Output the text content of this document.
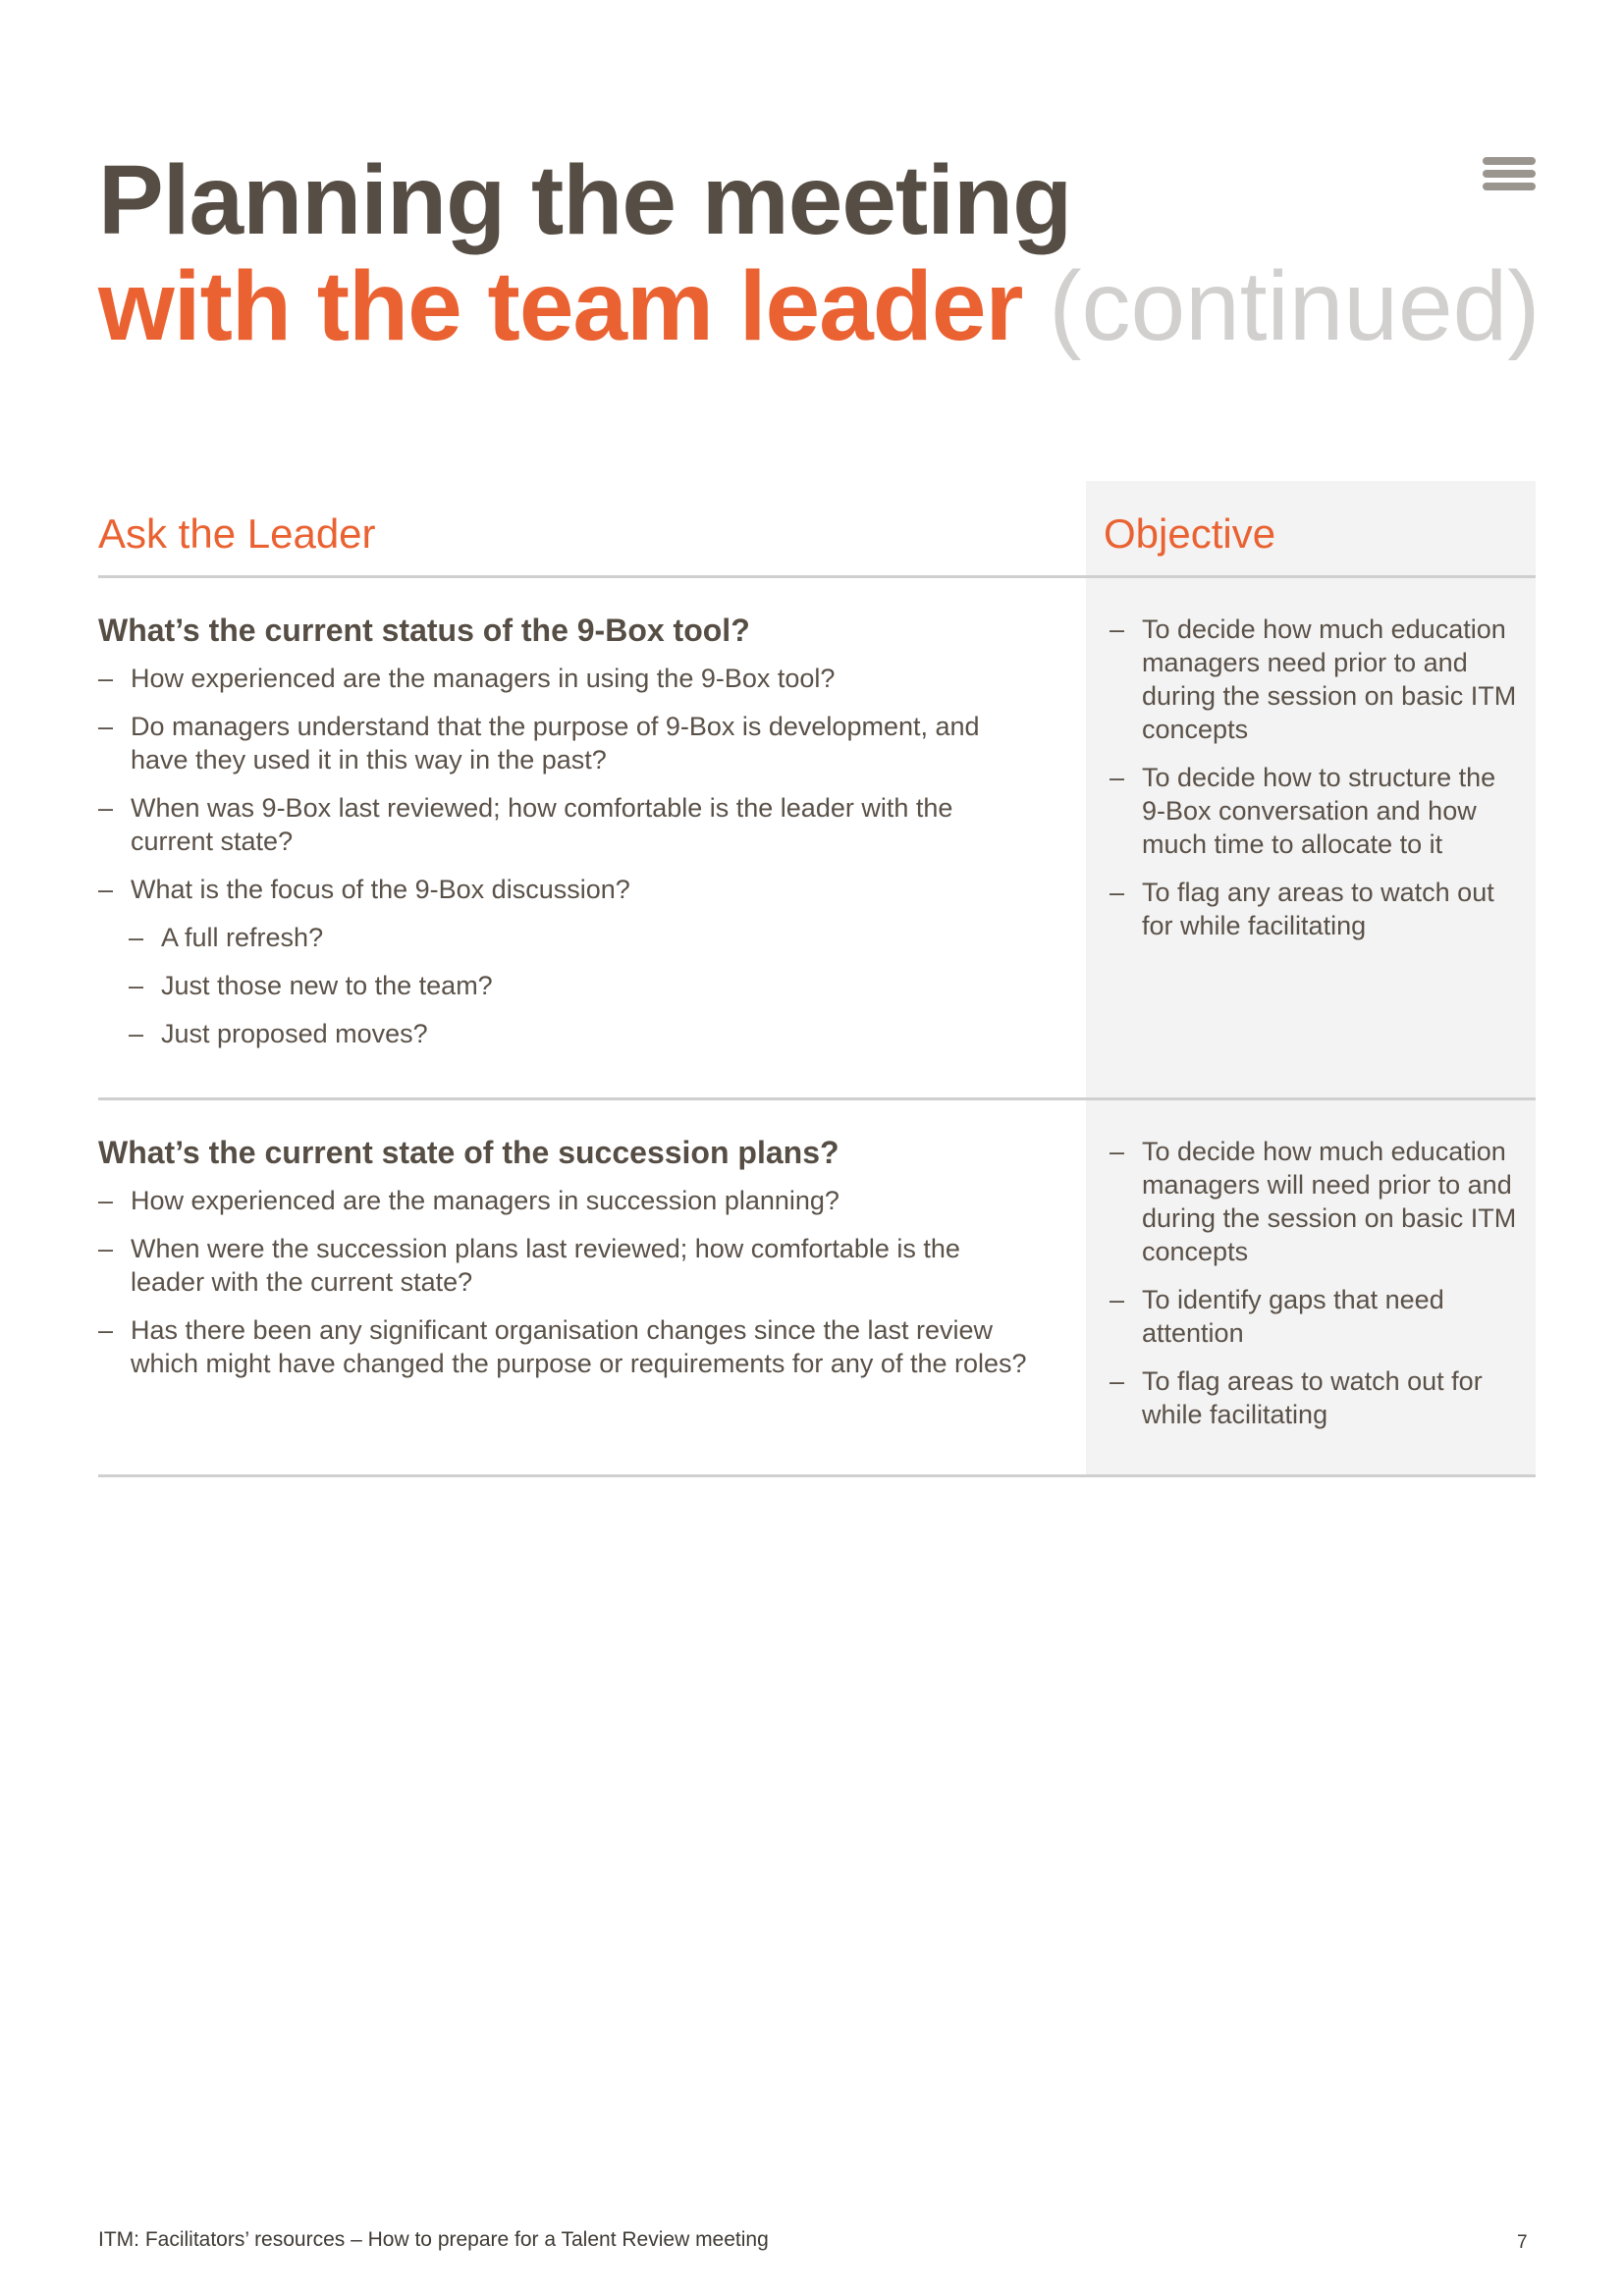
Planning the meeting
with the team leader (continued)
Ask the Leader	Objective
What’s the current status of the 9-Box tool?
– How experienced are the managers in using the 9-Box tool?
– Do managers understand that the purpose of 9-Box is development, and have they used it in this way in the past?
– When was 9-Box last reviewed; how comfortable is the leader with the current state?
– What is the focus of the 9-Box discussion?
– A full refresh?
– Just those new to the team?
– Just proposed moves?
– To decide how much education managers need prior to and during the session on basic ITM concepts
– To decide how to structure the 9-Box conversation and how much time to allocate to it
– To flag any areas to watch out for while facilitating
What’s the current state of the succession plans?
– How experienced are the managers in succession planning?
– When were the succession plans last reviewed; how comfortable is the leader with the current state?
– Has there been any significant organisation changes since the last review which might have changed the purpose or requirements for any of the roles?
– To decide how much education managers will need prior to and during the session on basic ITM concepts
– To identify gaps that need attention
– To flag areas to watch out for while facilitating
ITM: Facilitators’ resources – How to prepare for a Talent Review meeting	7
